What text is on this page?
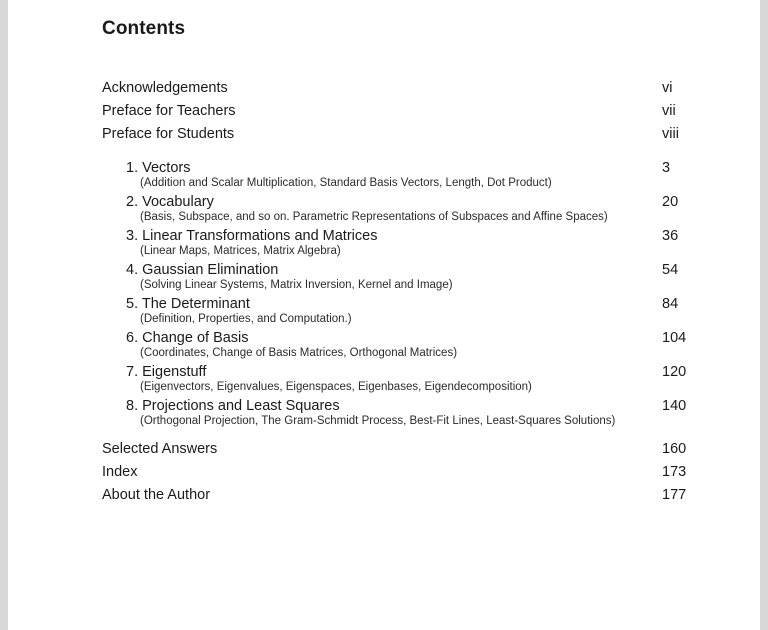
Contents
Acknowledgements	vi
Preface for Teachers	vii
Preface for Students	viii
1. Vectors	3
(Addition and Scalar Multiplication, Standard Basis Vectors, Length, Dot Product)
2. Vocabulary	20
(Basis, Subspace, and so on. Parametric Representations of Subspaces and Affine Spaces)
3. Linear Transformations and Matrices	36
(Linear Maps, Matrices, Matrix Algebra)
4. Gaussian Elimination	54
(Solving Linear Systems, Matrix Inversion, Kernel and Image)
5. The Determinant	84
(Definition, Properties, and Computation.)
6. Change of Basis	104
(Coordinates, Change of Basis Matrices, Orthogonal Matrices)
7. Eigenstuff	120
(Eigenvectors, Eigenvalues, Eigenspaces, Eigenbases, Eigendecomposition)
8. Projections and Least Squares	140
(Orthogonal Projection, The Gram-Schmidt Process, Best-Fit Lines, Least-Squares Solutions)
Selected Answers	160
Index	173
About the Author	177
